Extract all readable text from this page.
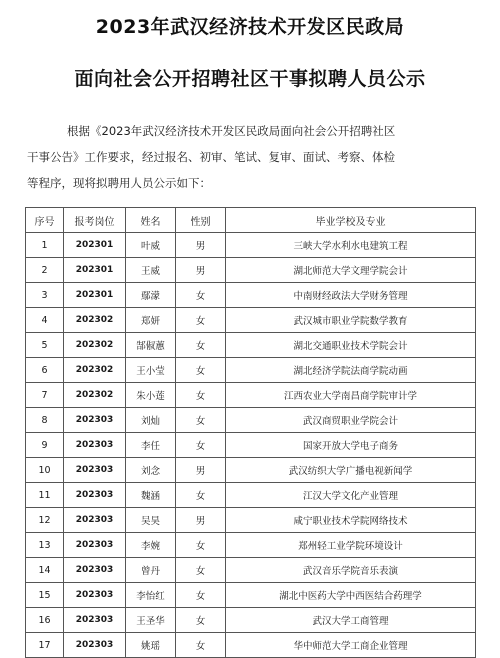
2023年武汉经济技术开发区民政局
面向社会公开招聘社区干事拟聘人员公示
根据《2023年武汉经济技术开发区民政局面向社会公开招聘社区
干事公告》工作要求，经过报名、初审、笔试、复审、面试、考察、体检
等程序，现将拟聘用人员公示如下：
序号	报考岗位	姓名	性别	毕业学校及专业
1	202301	叶威	男	三峡大学水利水电建筑工程
2	202301	王威	男	湖北师范大学文理学院会计
3	202301	鄢濛	女	中南财经政法大学财务管理
4	202302	郑妍	女	武汉城市职业学院数学教育
5	202302	郜俶蕙	女	湖北交通职业技术学院会计
6	202302	王小莹	女	湖北经济学院法商学院动画
7	202302	朱小莲	女	江西农业大学南昌商学院审计学
8	202303	刘灿	女	武汉商贸职业学院会计
9	202303	李任	女	国家开放大学电子商务
10	202303	刘念	男	武汉纺织大学广播电视新闻学
11	202303	魏涵	女	江汉大学文化产业管理
12	202303	吴昊	男	咸宁职业技术学院网络技术
13	202303	李婉	女	郑州轻工业学院环境设计
14	202303	曾丹	女	武汉音乐学院音乐表演
15	202303	李怡红	女	湖北中医药大学中西医结合药理学
16	202303	王圣华	女	武汉大学工商管理
17	202303	姚瑶	女	华中师范大学工商企业管理
